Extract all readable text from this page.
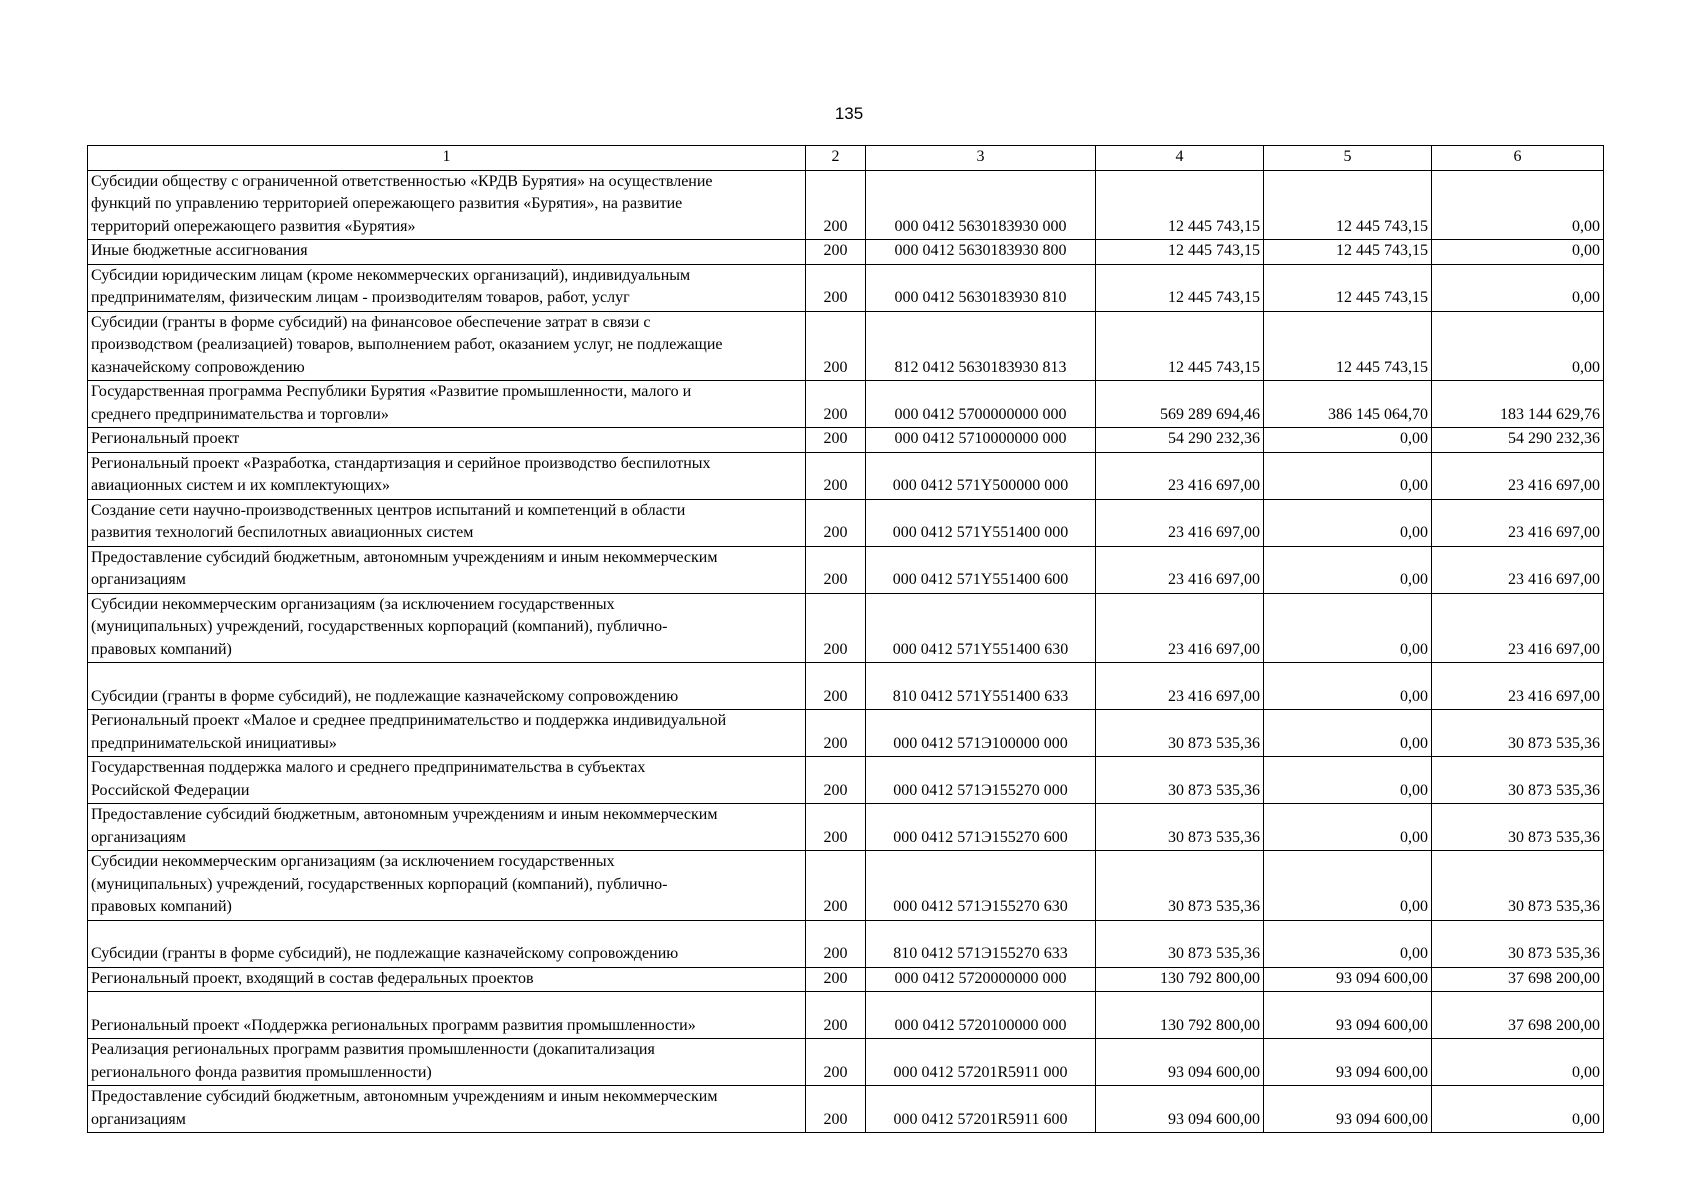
135
1	2	3	4	5	6

Субсидии обществу с ограниченной ответственностью «КРДВ Бурятия» на осуществление
функций по управлению территорией опережающего развития «Бурятия», на развитие
территорий опережающего развития «Бурятия»	200	000 0412 5630183930 000	12 445 743,15	12 445 743,15	0,00

Иные бюджетные ассигнования	200	000 0412 5630183930 800	12 445 743,15	12 445 743,15	0,00

Субсидии юридическим лицам (кроме некоммерческих организаций), индивидуальным
предпринимателям, физическим лицам - производителям товаров, работ, услуг	200	000 0412 5630183930 810	12 445 743,15	12 445 743,15	0,00

Субсидии (гранты в форме субсидий) на финансовое обеспечение затрат в связи с
производством (реализацией) товаров, выполнением работ, оказанием услуг, не подлежащие
казначейскому сопровождению	200	812 0412 5630183930 813	12 445 743,15	12 445 743,15	0,00

Государственная программа Республики Бурятия «Развитие промышленности, малого и
среднего предпринимательства и торговли»	200	000 0412 5700000000 000	569 289 694,46	386 145 064,70	183 144 629,76

Региональный проект	200	000 0412 5710000000 000	54 290 232,36	0,00	54 290 232,36

Региональный проект «Разработка, стандартизация и серийное производство беспилотных
авиационных систем и их комплектующих»	200	000 0412 571Y500000 000	23 416 697,00	0,00	23 416 697,00

Создание сети научно-производственных центров испытаний и компетенций в области
развития технологий беспилотных авиационных систем	200	000 0412 571Y551400 000	23 416 697,00	0,00	23 416 697,00

Предоставление субсидий бюджетным, автономным учреждениям и иным некоммерческим
организациям	200	000 0412 571Y551400 600	23 416 697,00	0,00	23 416 697,00

Субсидии некоммерческим организациям (за исключением государственных
(муниципальных) учреждений, государственных корпораций (компаний), публично-
правовых компаний)	200	000 0412 571Y551400 630	23 416 697,00	0,00	23 416 697,00

Субсидии (гранты в форме субсидий), не подлежащие казначейскому сопровождению	200	810 0412 571Y551400 633	23 416 697,00	0,00	23 416 697,00

Региональный проект «Малое и среднее предпринимательство и поддержка индивидуальной
предпринимательской инициативы»	200	000 0412 571Э100000 000	30 873 535,36	0,00	30 873 535,36

Государственная поддержка малого и среднего предпринимательства в субъектах
Российской Федерации	200	000 0412 571Э155270 000	30 873 535,36	0,00	30 873 535,36

Предоставление субсидий бюджетным, автономным учреждениям и иным некоммерческим
организациям	200	000 0412 571Э155270 600	30 873 535,36	0,00	30 873 535,36

Субсидии некоммерческим организациям (за исключением государственных
(муниципальных) учреждений, государственных корпораций (компаний), публично-
правовых компаний)	200	000 0412 571Э155270 630	30 873 535,36	0,00	30 873 535,36

Субсидии (гранты в форме субсидий), не подлежащие казначейскому сопровождению	200	810 0412 571Э155270 633	30 873 535,36	0,00	30 873 535,36

Региональный проект, входящий в состав федеральных проектов	200	000 0412 5720000000 000	130 792 800,00	93 094 600,00	37 698 200,00

Региональный проект «Поддержка региональных программ развития промышленности»	200	000 0412 5720100000 000	130 792 800,00	93 094 600,00	37 698 200,00

Реализация региональных программ развития промышленности (докапитализация
регионального фонда развития промышленности)	200	000 0412 57201R5911 000	93 094 600,00	93 094 600,00	0,00

Предоставление субсидий бюджетным, автономным учреждениям и иным некоммерческим
организациям	200	000 0412 57201R5911 600	93 094 600,00	93 094 600,00	0,00
